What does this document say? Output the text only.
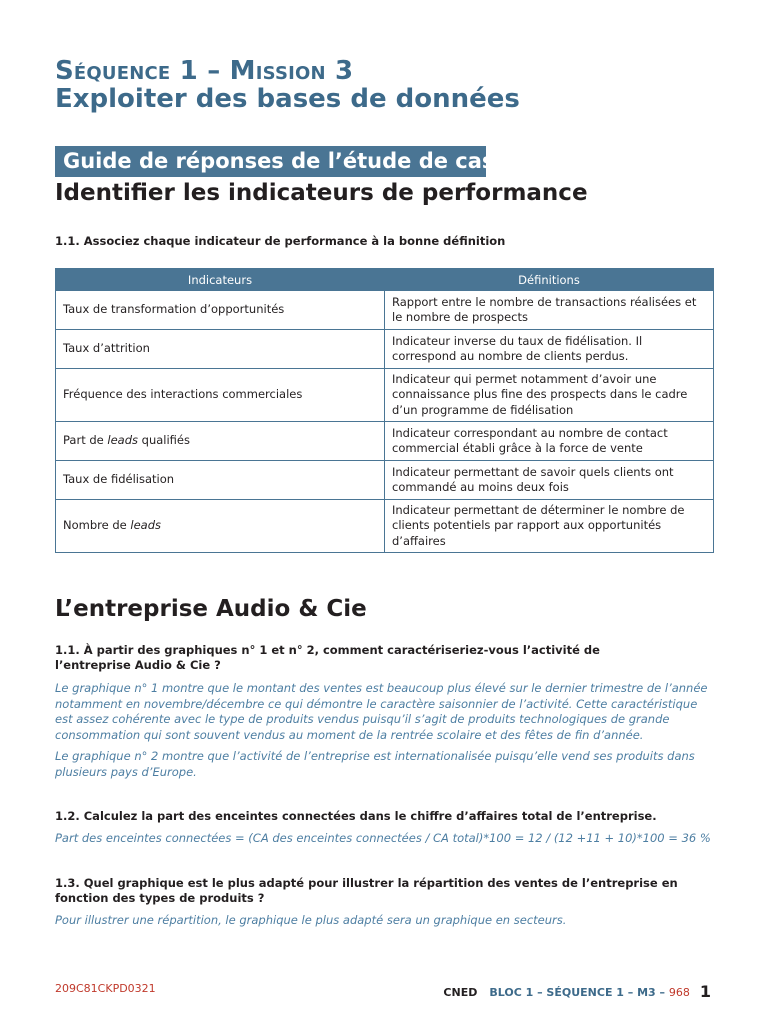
Séquence 1 – Mission 3
Exploiter des bases de données
Guide de réponses de l’étude de cas
Identifier les indicateurs de performance
1.1. Associez chaque indicateur de performance à la bonne définition
Indicateurs	Définitions
Taux de transformation d’opportunités	Rapport entre le nombre de transactions réalisées et le nombre de prospects
Taux d’attrition	Indicateur inverse du taux de fidélisation. Il correspond au nombre de clients perdus.
Fréquence des interactions commerciales	Indicateur qui permet notamment d’avoir une connaissance plus fine des prospects dans le cadre d’un programme de fidélisation
Part de leads qualifiés	Indicateur correspondant au nombre de contact commercial établi grâce à la force de vente
Taux de fidélisation	Indicateur permettant de savoir quels clients ont commandé au moins deux fois
Nombre de leads	Indicateur permettant de déterminer le nombre de clients potentiels par rapport aux opportunités d’affaires
L’entreprise Audio & Cie
1.1. À partir des graphiques n° 1 et n° 2, comment caractériseriez-vous l’activité de l’entreprise Audio & Cie ?
Le graphique n° 1 montre que le montant des ventes est beaucoup plus élevé sur le dernier trimestre de l’année notamment en novembre/décembre ce qui démontre le caractère saisonnier de l’activité. Cette caractéristique est assez cohérente avec le type de produits vendus puisqu’il s’agit de produits technologiques de grande consommation qui sont souvent vendus au moment de la rentrée scolaire et des fêtes de fin d’année.
Le graphique n° 2 montre que l’activité de l’entreprise est internationalisée puisqu’elle vend ses produits dans plusieurs pays d’Europe.
1.2. Calculez la part des enceintes connectées dans le chiffre d’affaires total de l’entreprise.
Part des enceintes connectées = (CA des enceintes connectées / CA total)*100 = 12 / (12 +11 + 10)*100 = 36 %
1.3. Quel graphique est le plus adapté pour illustrer la répartition des ventes de l’entreprise en fonction des types de produits ?
Pour illustrer une répartition, le graphique le plus adapté sera un graphique en secteurs.
209C81CKPD0321	CNED BLOC 1 – SÉQUENCE 1 – M3 – 968 1
